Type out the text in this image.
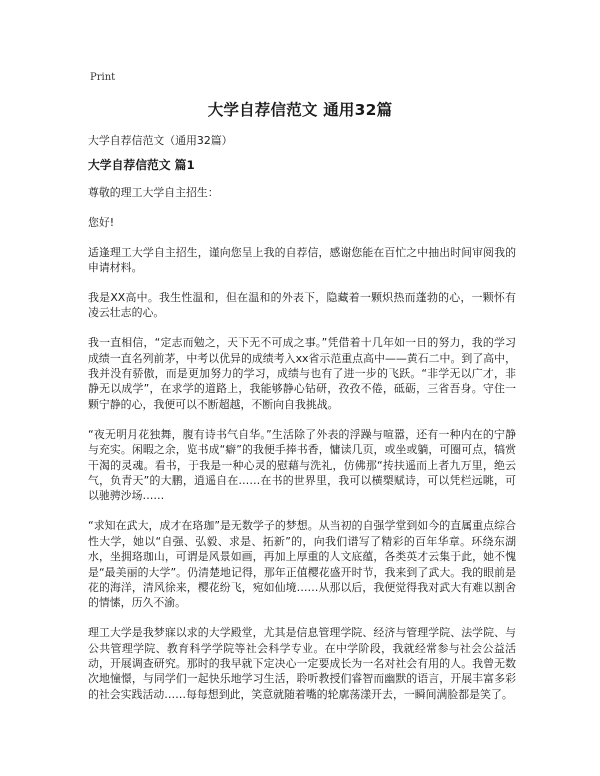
Print
大学自荐信范文 通用32篇

大学自荐信范文（通用32篇）

大学自荐信范文 篇1

尊敬的理工大学自主招生：

您好!

适逢理工大学自主招生，谨向您呈上我的自荐信，感谢您能在百忙之中抽出时间审阅我的申请材料。

我是XX高中。我生性温和，但在温和的外表下，隐藏着一颗炽热而蓬勃的心，一颗怀有凌云壮志的心。

我一直相信，“定志而勉之，天下无不可成之事。”凭借着十几年如一日的努力，我的学习成绩一直名列前茅，中考以优异的成绩考入xx省示范重点高中——黄石二中。到了高中，我并没有骄傲，而是更加努力的学习，成绩与也有了进一步的飞跃。“非学无以广才，非静无以成学”，在求学的道路上，我能够静心钻研，孜孜不倦，砥砺，三省吾身。守住一颗宁静的心，我便可以不断超越，不断向自我挑战。

“夜无明月花独舞，腹有诗书气自华。”生活除了外表的浮躁与喧嚣，还有一种内在的宁静与充实。闲暇之余，览书成“癖”的我便手捧书香，慵读几页，或坐或躺，可圈可点，犒赏干渴的灵魂。看书，于我是一种心灵的慰藉与洗礼，仿佛那“抟扶遥而上者九万里，绝云气，负青天”的大鹏，逍遥自在……在书的世界里，我可以横槊赋诗，可以凭栏远眺，可以驰骋沙场……

“求知在武大，成才在珞珈”是无数学子的梦想。从当初的自强学堂到如今的直属重点综合性大学，她以“自强、弘毅、求是、拓新”的，向我们谱写了精彩的百年华章。环绕东湖水，坐拥珞珈山，可谓是风景如画，再加上厚重的人文底蕴，各类英才云集于此，她不愧是“最美丽的大学”。仍清楚地记得，那年正值樱花盛开时节，我来到了武大。我的眼前是花的海洋，清风徐来，樱花纷飞，宛如仙境……从那以后，我便觉得我对武大有难以割舍的情愫，历久不渝。

理工大学是我梦寐以求的大学殿堂，尤其是信息管理学院、经济与管理学院、法学院、与公共管理学院、教育科学学院等社会科学专业。在中学阶段，我就经常参与社会公益活动，开展调查研究。那时的我早就下定决心一定要成长为一名对社会有用的人。我曾无数次地憧憬，与同学们一起快乐地学习生活，聆听教授们睿智而幽默的语言，开展丰富多彩的社会实践活动……每每想到此，笑意就随着嘴的轮廓荡漾开去，一瞬间满脸都是笑了。
